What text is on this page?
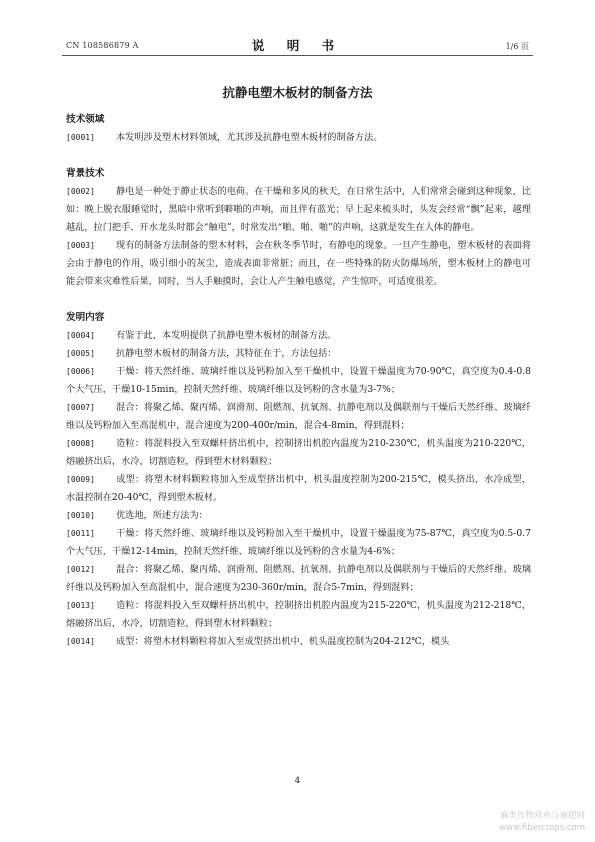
CN 108586879 A	说 明 书	1/6 页
抗静电塑木板材的制备方法
技术领域

[0001] 本发明涉及塑木材料领域，尤其涉及抗静电塑木板材的制备方法。

背景技术

[0002] 静电是一种处于静止状态的电荷。在干燥和多风的秋天，在日常生活中，人们常常会碰到这种现象，比如：晚上脱衣服睡觉时，黑暗中常听到噼啪的声响，而且伴有蓝光；早上起来梳头时，头发会经常“飘”起来，越理越乱，拉门把手、开水龙头时都会“触电”，时常发出“啪、啪、啪”的声响，这就是发生在人体的静电。

[0003] 现有的制备方法制备的塑木材料，会在秋冬季节时，有静电的现象。一旦产生静电，塑木板材的表面将会由于静电的作用，吸引细小的灰尘，造成表面非常脏；而且，在一些特殊的防火防爆场所，塑木板材上的静电可能会带来灾难性后果，同时，当人手触摸时，会让人产生触电感觉，产生惊吓，可适度很差。

发明内容

[0004] 有鉴于此，本发明提供了抗静电塑木板材的制备方法。

[0005] 抗静电塑木板材的制备方法，其特征在于，方法包括：

[0006] 干燥：将天然纤维、玻璃纤维以及钙粉加入至干燥机中，设置干燥温度为70-90℃，真空度为0.4-0.8个大气压，干燥10-15min，控制天然纤维、玻璃纤维以及钙粉的含水量为3-7%；

[0007] 混合：将聚乙烯、聚丙烯、润滑剂、阻燃剂、抗氧剂、抗静电剂以及偶联剂与干燥后天然纤维、玻璃纤维以及钙粉加入至高混机中，混合速度为200-400r/min，混合4-8min，得到混料；

[0008] 造粒：将混料投入至双螺杆挤出机中，控制挤出机腔内温度为210-230℃，机头温度为210-220℃，熔融挤出后，水冷，切割造粒，得到塑木材料颗粒；

[0009] 成型：将塑木材料颗粒将加入至成型挤出机中，机头温度控制为200-215℃，模头挤出，水冷成型，水温控制在20-40℃，得到塑木板材。

[0010] 优选地，所述方法为：

[0011] 干燥：将天然纤维、玻璃纤维以及钙粉加入至干燥机中，设置干燥温度为75-87℃，真空度为0.5-0.7个大气压，干燥12-14min，控制天然纤维、玻璃纤维以及钙粉的含水量为4-6%；

[0012] 混合：将聚乙烯、聚丙烯、润滑剂、阻燃剂、抗氧剂、抗静电剂以及偶联剂与干燥后的天然纤维、玻璃纤维以及钙粉加入至高混机中，混合速度为230-360r/min，混合5-7min，得到混料；

[0013] 造粒：将混料投入至双螺杆挤出机中，控制挤出机腔内温度为215-220℃，机头温度为212-218℃，熔融挤出后，水冷，切割造粒，得到塑木材料颗粒；

[0014] 成型：将塑木材料颗粒将加入至成型挤出机中，机头温度控制为204-212℃，模头

4
麻类作物营养与施肥网
www.fibercrops.com
